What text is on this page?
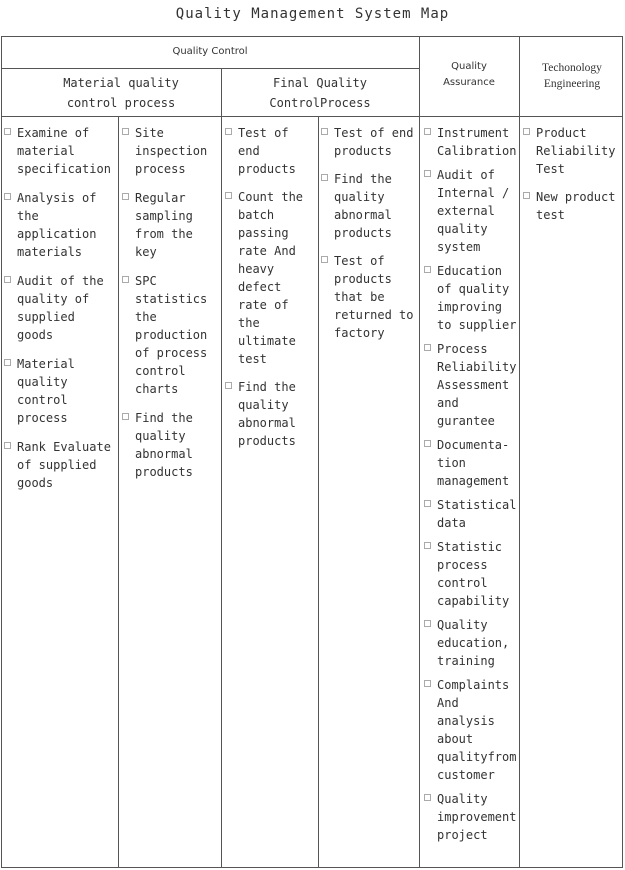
Quality Management System Map
Quality Control
Material quality control process
Final Quality ControlProcess
Quality Assurance
Techonology Engineering
Examine of material specification
Analysis of the application materials
Audit of the quality of supplied goods
Material quality control process
Rank Evaluate of supplied goods
Site inspection process
Regular sampling from the key
SPC statistics the production of process control charts
Find the quality abnormal products
Test of end products
Count the batch passing rate And heavy defect rate of the ultimate test
Find the quality abnormal products
Test of end products
Find the quality abnormal products
Test of products that be returned to factory
Instrument Calibration
Audit of Internal / external quality system
Education of quality improving to supplier
Process Reliability Assessment and gurantee
Documenta-tion management
Statistical data
Statistic process control capability
Quality education, training
Complaints And analysis about qualityfrom customer
Quality improvement project
Product Reliability Test
New product test
